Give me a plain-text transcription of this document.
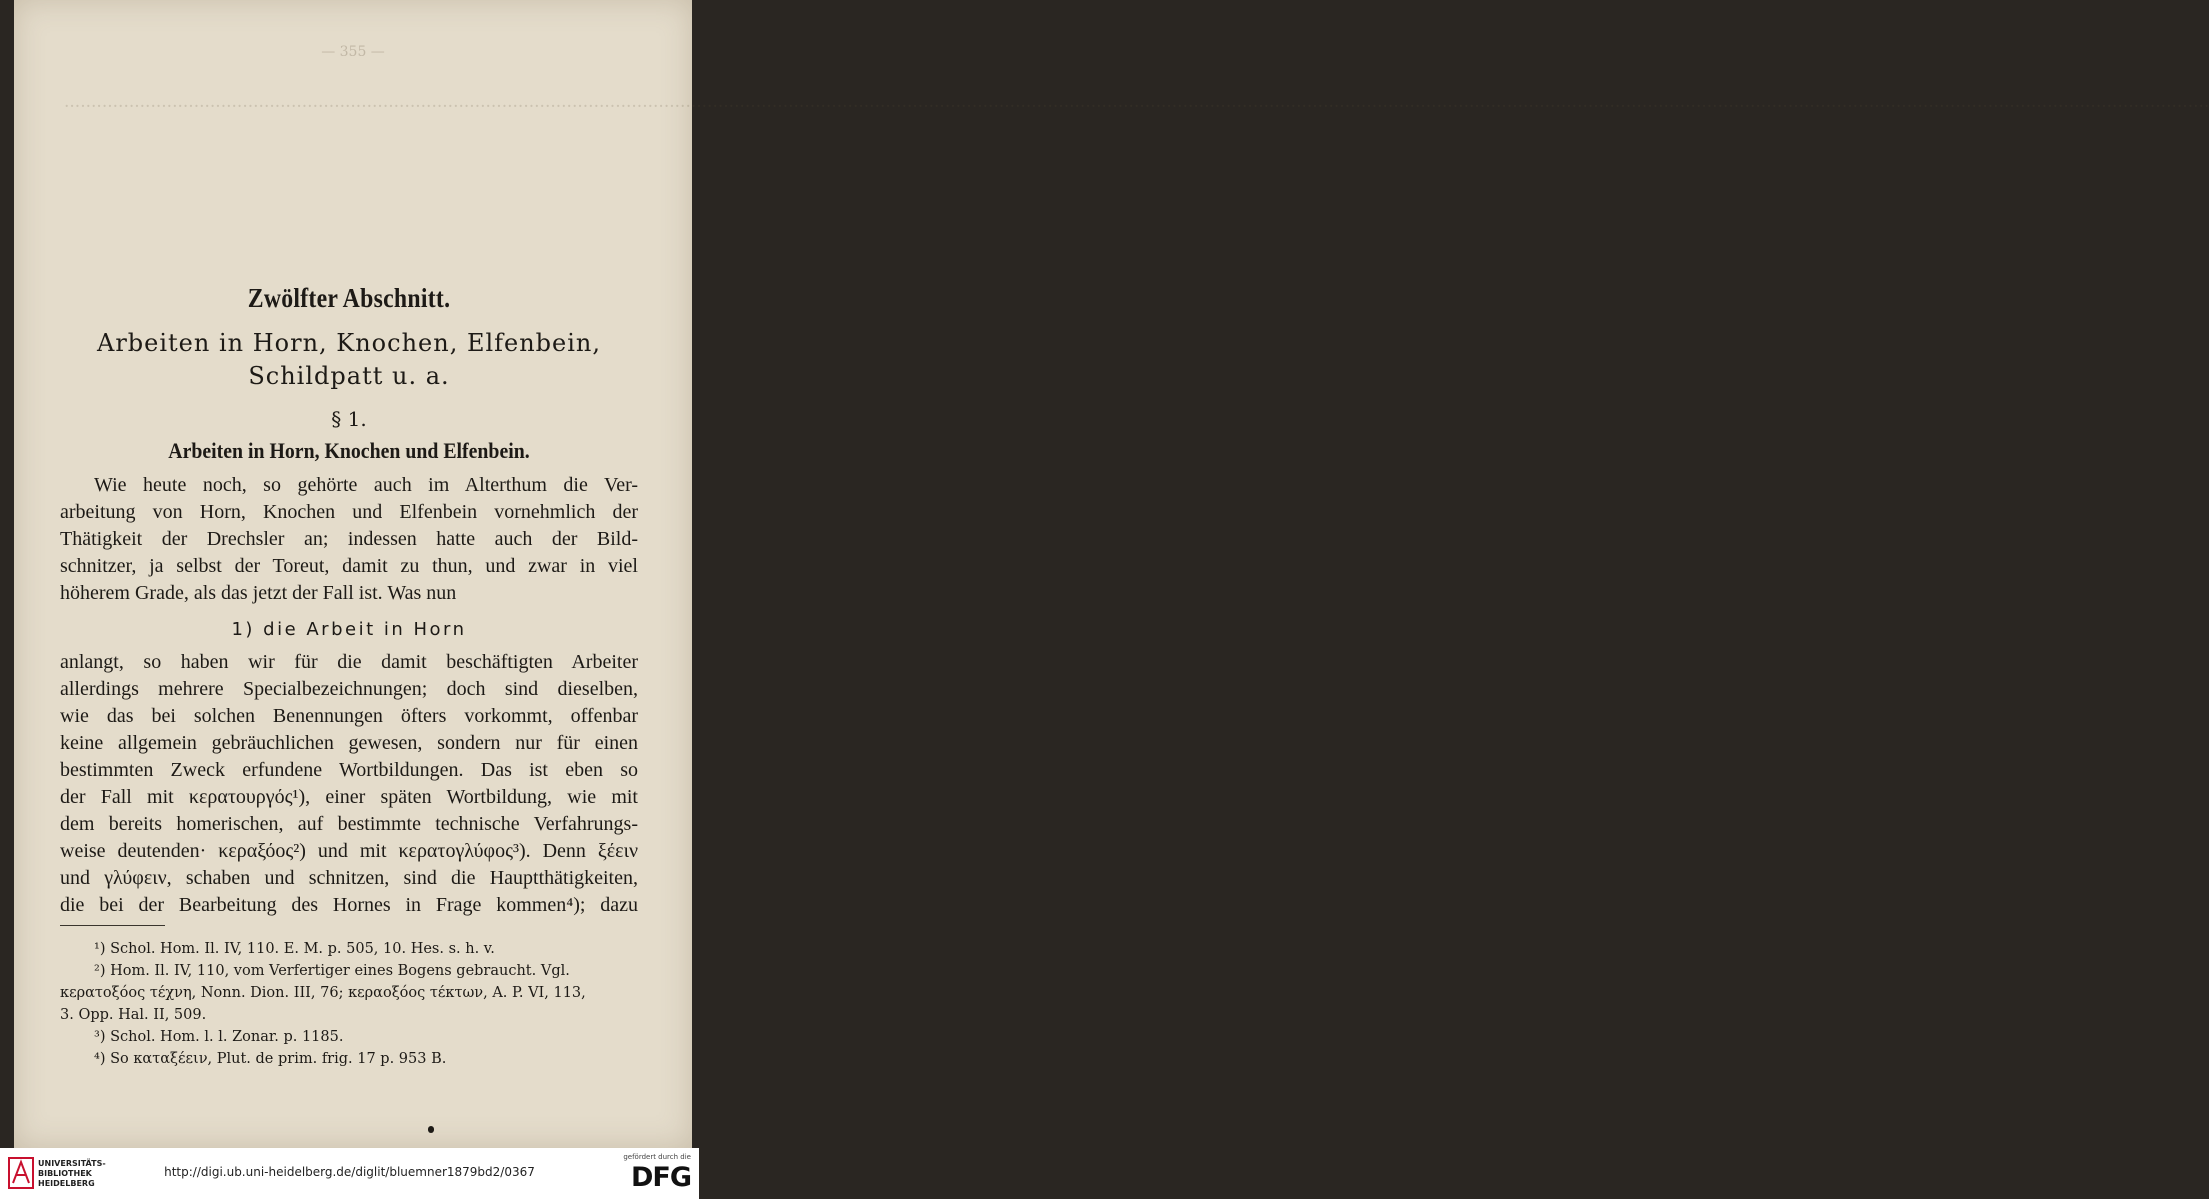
— 355 —
.............................................................................................................................................................................................................................................................................................................................................................................................................
Zwölfter Abschnitt.
Arbeiten in Horn, Knochen, Elfenbein,
Schildpatt u. a.
§ 1.
Arbeiten in Horn, Knochen und Elfenbein.
Wie heute noch, so gehörte auch im Alterthum die Ver-
arbeitung von Horn, Knochen und Elfenbein vornehmlich der
Thätigkeit der Drechsler an; indessen hatte auch der Bild-
schnitzer, ja selbst der Toreut, damit zu thun, und zwar in viel
höherem Grade, als das jetzt der Fall ist. Was nun
1) die Arbeit in Horn
anlangt, so haben wir für die damit beschäftigten Arbeiter
allerdings mehrere Specialbezeichnungen; doch sind dieselben,
wie das bei solchen Benennungen öfters vorkommt, offenbar
keine allgemein gebräuchlichen gewesen, sondern nur für einen
bestimmten Zweck erfundene Wortbildungen. Das ist eben so
der Fall mit κερατουργός¹), einer späten Wortbildung, wie mit
dem bereits homerischen, auf bestimmte technische Verfahrungs-
weise deutenden· κεραξόος²) und mit κερατογλύφος³). Denn ξέειν
und γλύφειν, schaben und schnitzen, sind die Hauptthätigkeiten,
die bei der Bearbeitung des Hornes in Frage kommen⁴); dazu
¹) Schol. Hom. Il. IV, 110. E. M. p. 505, 10. Hes. s. h. v.
²) Hom. Il. IV, 110, vom Verfertiger eines Bogens gebraucht. Vgl.
κερατοξόος τέχνη, Nonn. Dion. III, 76; κεραοξόος τέκτων, A. P. VI, 113,
3. Opp. Hal. II, 509.
³) Schol. Hom. l. l. Zonar. p. 1185.
⁴) So καταξέειν, Plut. de prim. frig. 17 p. 953 B.
UNIVERSITÄTS-
BIBLIOTHEK
HEIDELBERG
http://digi.ub.uni-heidelberg.de/diglit/bluemner1879bd2/0367
gefördert durch die
DFG
